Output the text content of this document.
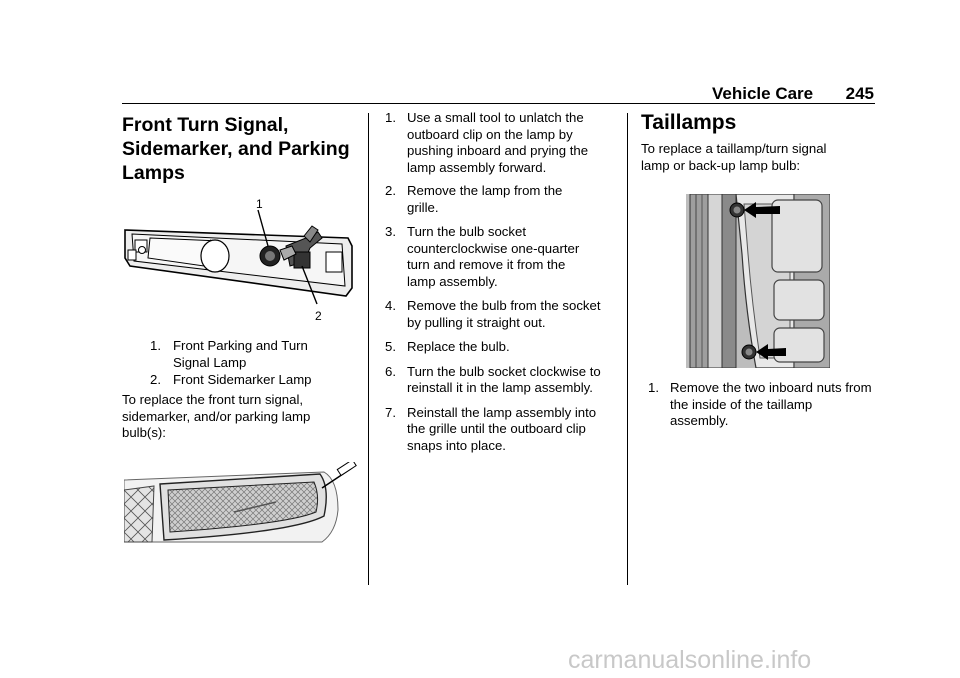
Vehicle Care 245
Front Turn Signal, Sidemarker, and Parking Lamps
1
2
1. Front Parking and Turn Signal Lamp
2. Front Sidemarker Lamp

To replace the front turn signal, sidemarker, and/or parking lamp bulb(s):

1. Use a small tool to unlatch the outboard clip on the lamp by pushing inboard and prying the lamp assembly forward.
2. Remove the lamp from the grille.
3. Turn the bulb socket counterclockwise one-quarter turn and remove it from the lamp assembly.
4. Remove the bulb from the socket by pulling it straight out.
5. Replace the bulb.
6. Turn the bulb socket clockwise to reinstall it in the lamp assembly.
7. Reinstall the lamp assembly into the grille until the outboard clip snaps into place.
Taillamps

To replace a taillamp/turn signal lamp or back-up lamp bulb:

1. Remove the two inboard nuts from the inside of the taillamp assembly.
carmanualsonline.info
